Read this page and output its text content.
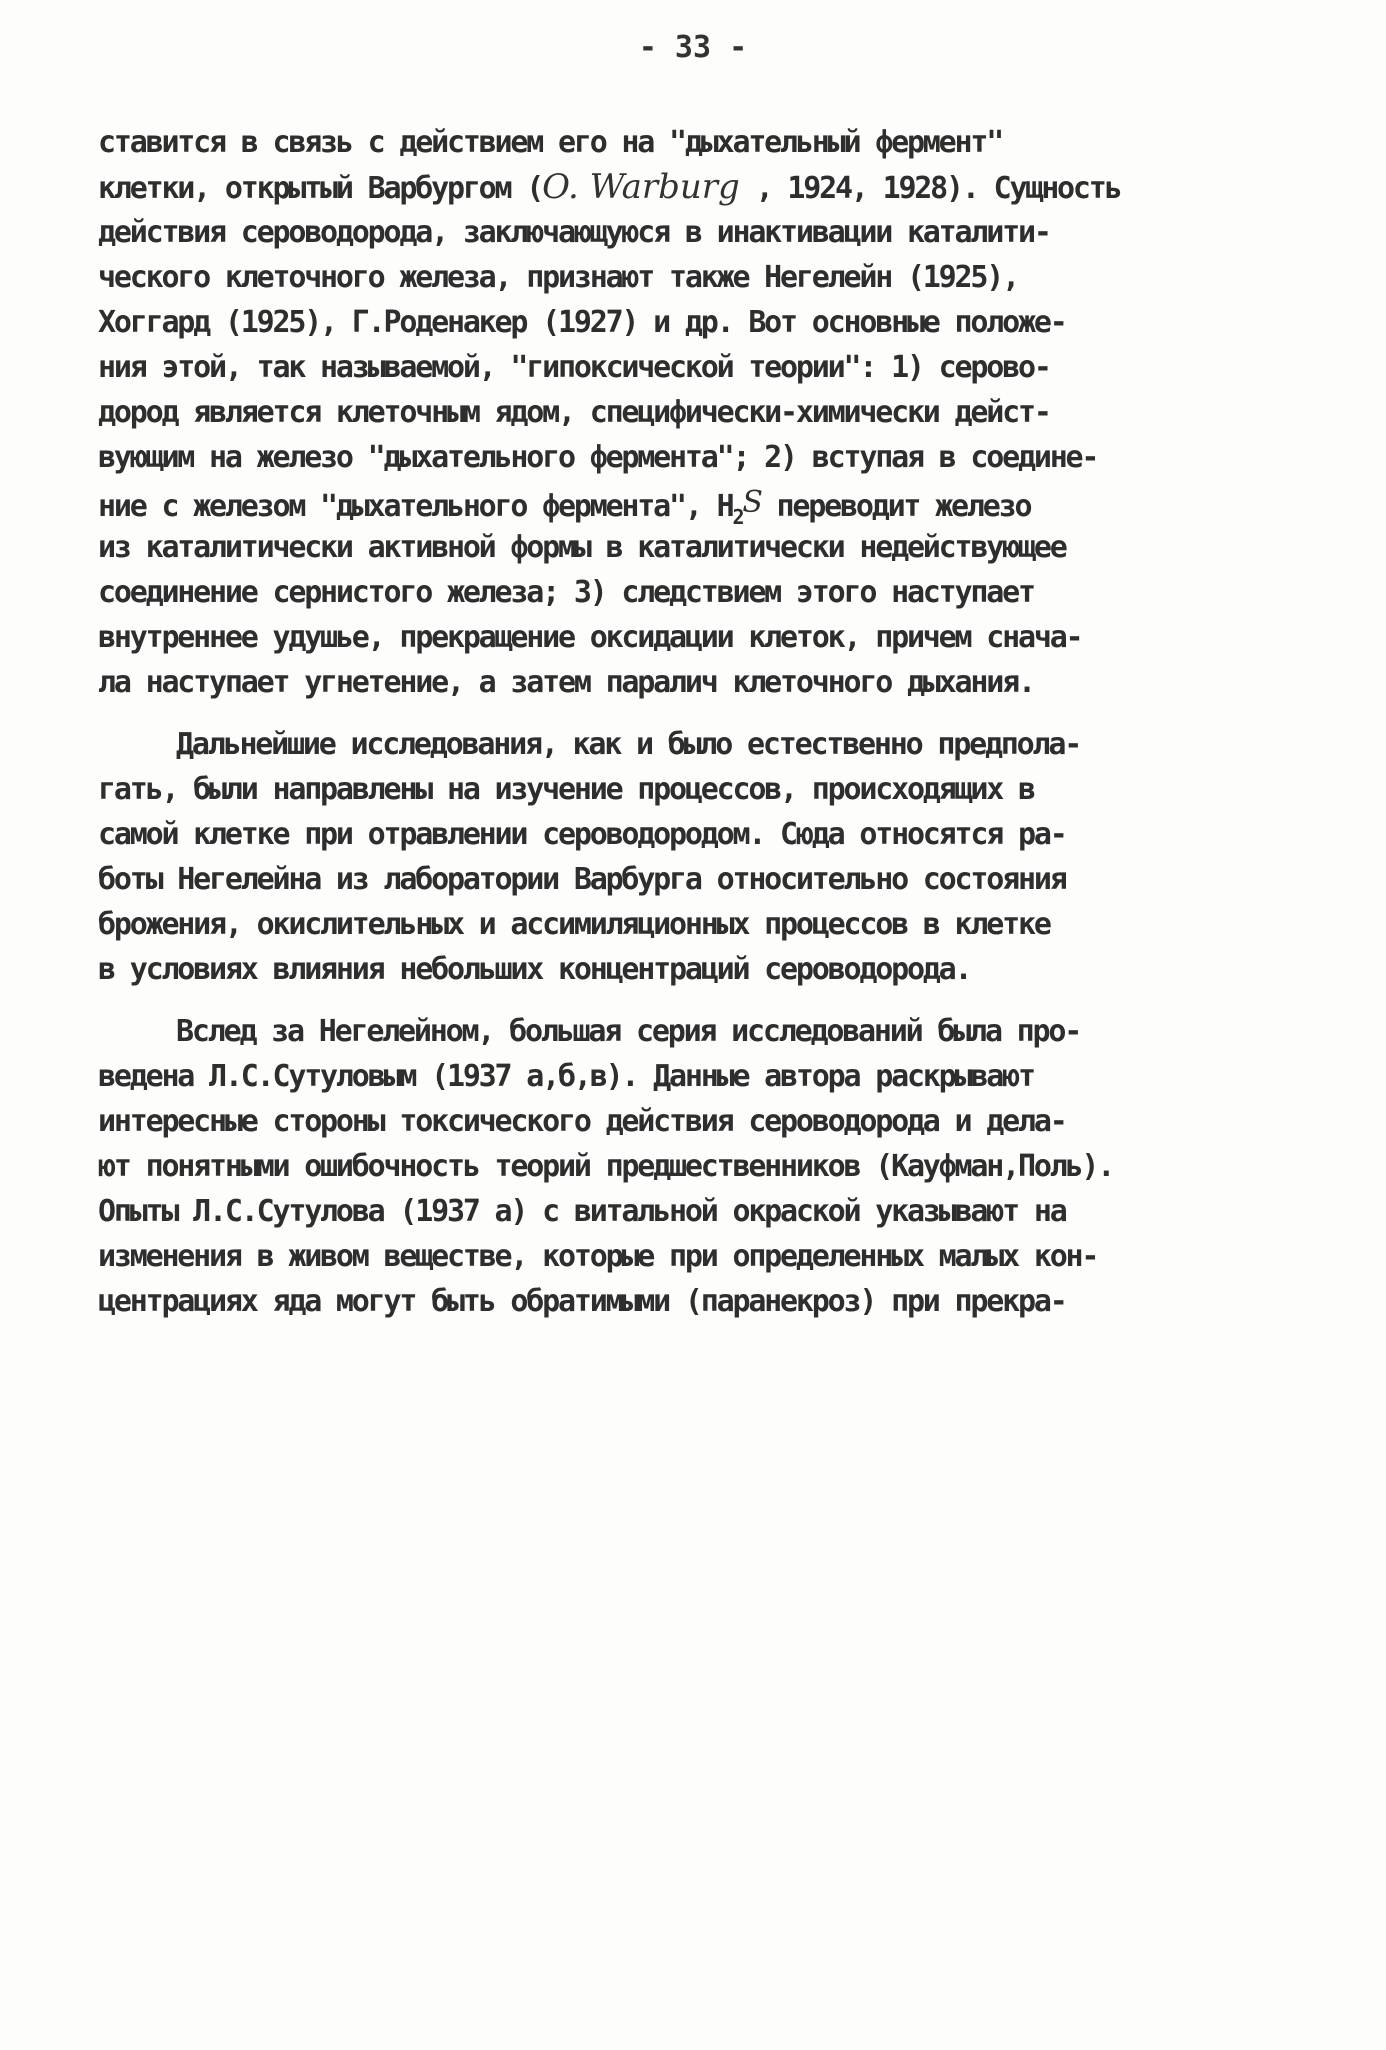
- 33 -
ставится в связь с действием его на "дыхательный фермент"
клетки, открытый Варбургом (O. Warburg , 1924, 1928). Сущность
действия сероводорода, заключающуюся в инактивации каталити-
ческого клеточного железа, признают также Негелейн (1925),
Хоггард (1925), Г.Роденакер (1927) и др. Вот основные положе-
ния этой, так называемой, "гипоксической теории": 1) серово-
дород является клеточным ядом, специфически-химически дейст-
вующим на железо "дыхательного фермента"; 2) вступая в соедине-
ние с железом "дыхательного фермента", $H_2S$ переводит железо
из каталитически активной формы в каталитически недействующее
соединение сернистого железа; 3) следствием этого наступает
внутреннее удушье, прекращение оксидации клеток, причем снача-
ла наступает угнетение, а затем паралич клеточного дыхания.
Дальнейшие исследования, как и было естественно предпола-
гать, были направлены на изучение процессов, происходящих в
самой клетке при отравлении сероводородом. Сюда относятся ра-
боты Негелейна из лаборатории Варбурга относительно состояния
брожения, окислительных и ассимиляционных процессов в клетке
в условиях влияния небольших концентраций сероводорода.
Вслед за Негелейном, большая серия исследований была про-
ведена Л.С.Сутуловым (1937 а,б,в). Данные автора раскрывают
интересные стороны токсического действия сероводорода и дела-
ют понятными ошибочность теорий предшественников (Кауфман,Поль).
Опыты Л.С.Сутулова (1937 а) с витальной окраской указывают на
изменения в живом веществе, которые при определенных малых кон-
центрациях яда могут быть обратимыми (паранекроз) при прекра-
